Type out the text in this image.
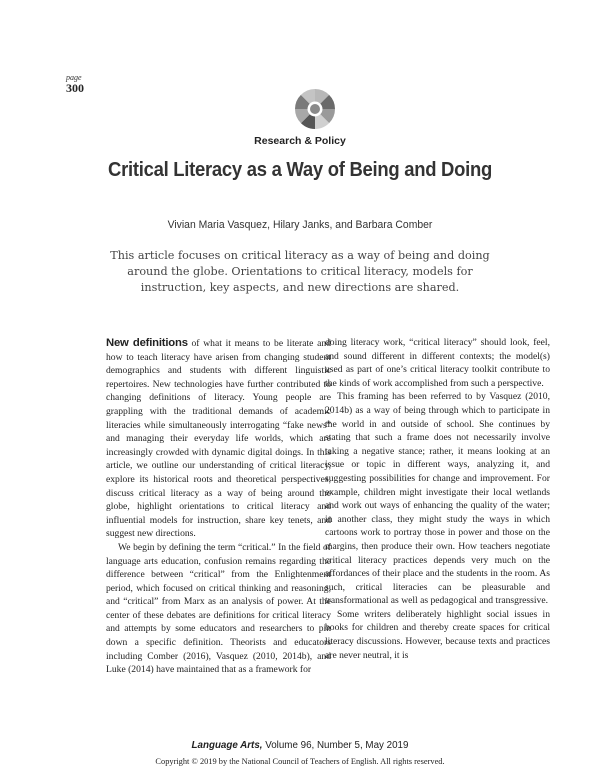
page
300
Research & Policy
Critical Literacy as a Way of Being and Doing
Vivian Maria Vasquez, Hilary Janks, and Barbara Comber
This article focuses on critical literacy as a way of being and doing around the globe. Orientations to critical literacy, models for instruction, key aspects, and new directions are shared.

New definitions of what it means to be literate and how to teach literacy have arisen from changing student demographics and students with different linguistic repertoires. New technologies have further contributed to changing definitions of literacy. Young people are grappling with the traditional demands of academic literacies while simultaneously interrogating “fake news” and managing their everyday life worlds, which are increasingly crowded with dynamic digital doings. In this article, we outline our understanding of critical literacy, explore its historical roots and theoretical perspectives, discuss critical literacy as a way of being around the globe, highlight orientations to critical literacy and influential models for instruction, share key tenets, and suggest new directions.

We begin by defining the term “critical.” In the field of language arts education, confusion remains regarding the difference between “critical” from the Enlightenment period, which focused on critical thinking and reasoning, and “critical” from Marx as an analysis of power. At the center of these debates are definitions for critical literacy and attempts by some educators and researchers to pin down a specific definition. Theorists and educators including Comber (2016), Vasquez (2010, 2014b), and Luke (2014) have maintained that as a framework for

doing literacy work, “critical literacy” should look, feel, and sound different in different contexts; the model(s) used as part of one’s critical literacy toolkit contribute to the kinds of work accomplished from such a perspective.

This framing has been referred to by Vasquez (2010, 2014b) as a way of being through which to participate in the world in and outside of school. She continues by stating that such a frame does not necessarily involve taking a negative stance; rather, it means looking at an issue or topic in different ways, analyzing it, and suggesting possibilities for change and improvement. For example, children might investigate their local wetlands and work out ways of enhancing the quality of the water; in another class, they might study the ways in which cartoons work to portray those in power and those on the margins, then produce their own. How teachers negotiate critical literacy practices depends very much on the affordances of their place and the students in the room. As such, critical literacies can be pleasurable and transformational as well as pedagogical and transgressive.

Some writers deliberately highlight social issues in books for children and thereby create spaces for critical literacy discussions. However, because texts and practices are never neutral, it is

Language Arts, Volume 96, Number 5, May 2019
Copyright © 2019 by the National Council of Teachers of English. All rights reserved.
